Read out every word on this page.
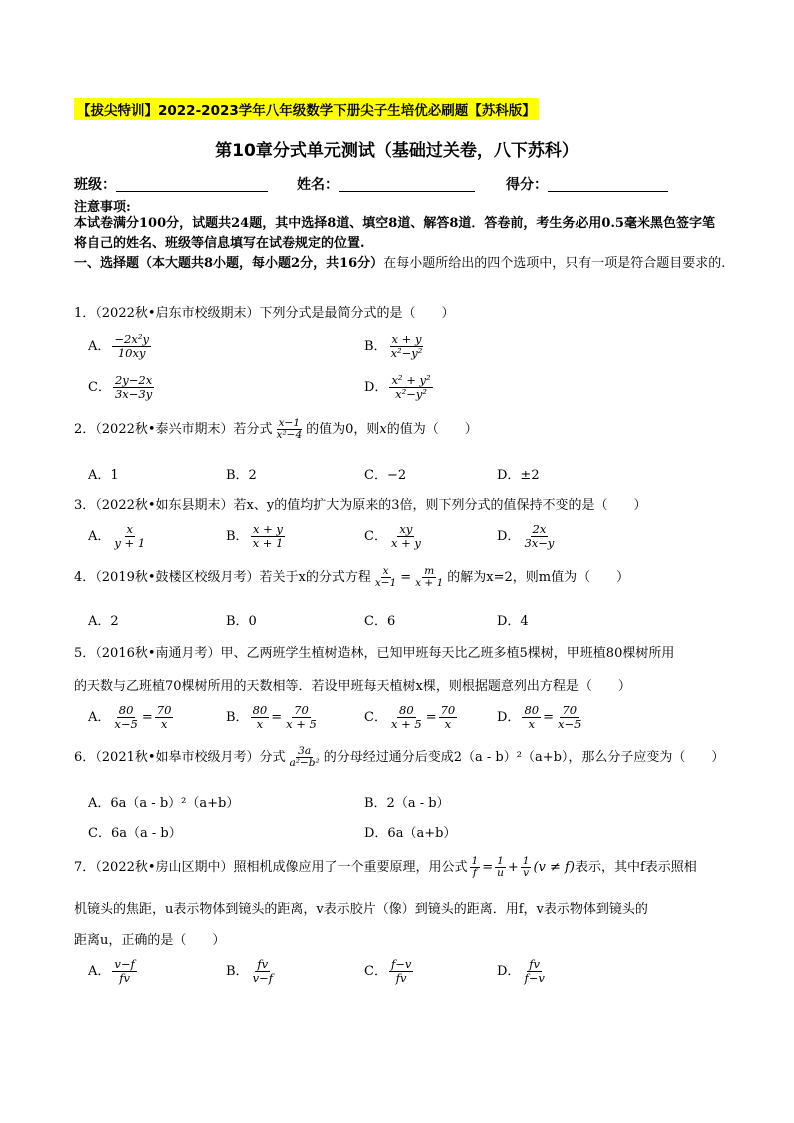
【拔尖特训】2022-2023学年八年级数学下册尖子生培优必刷题【苏科版】
第10章分式单元测试（基础过关卷，八下苏科）
班级：	姓名：	得分：
注意事项:
本试卷满分100分，试题共24题，其中选择8道、填空8道、解答8道．答卷前，考生务必用0.5毫米黑色签字笔将自己的姓名、班级等信息填写在试卷规定的位置.
一、选择题（本大题共8小题，每小题2分，共16分）在每小题所给出的四个选项中，只有一项是符合题目要求的.
1．（2022秋•启东市校级期末）下列分式是最简分式的是（　　）
A． $\frac{\text{−2x²y}}{10xy}$	B． $\frac{x + y}{\text{x²−y²}}$
C． $\frac{2y-2x}{3x-3y}$	D． $\frac{\text{x² + y²}}{\text{x²−y²}}$
2．（2022秋•泰兴市期末）若分式 $\frac{x-1}{\text{x²−4}}$ 的值为0，则x的值为（　　）
A．1	B．2	C．−2	D．±2
3．（2022秋•如东县期末）若x、y的值均扩大为原来的3倍，则下列分式的值保持不变的是（　　）
A． $\frac{x}{y + 1}$	B． $\frac{x + y}{x + 1}$	C． $\frac{xy}{x + y}$	D． $\frac{2x}{3x-y}$
4．（2019秋•鼓楼区校级月考）若关于x的分式方程 $\frac{x}{x-1} = \frac{m}{x + 1}$ 的解为x=2，则m值为（　　）
A．2	B．0	C．6	D．4
5．（2016秋•南通月考）甲、乙两班学生植树造林，已知甲班每天比乙班多植5棵树，甲班植80棵树所用
的天数与乙班植70棵树所用的天数相等．若设甲班每天植树x棵，则根据题意列出方程是（　　）
A． $\frac{80}{x-5} = \frac{70}{x}$	B． $\frac{80}{x} = \frac{70}{x + 5}$	C． $\frac{80}{x + 5} = \frac{70}{x}$	D． $\frac{80}{x} = \frac{70}{x-5}$
6．（2021秋•如皋市校级月考）分式 $\frac{3a}{\text{a²−b²}}$ 的分母经过通分后变成2（a - b）²（a+b），那么分子应变为（　　）
A．6a（a - b）²（a+b）	B．2（a - b）
C．6a（a - b）	D．6a（a+b）
7．（2022秋•房山区期中）照相机成像应用了一个重要原理，用公式 $\frac{1}{f} = \frac{1}{u} + \frac{1}{v} (v \ne f)$表示，其中f表示照相
机镜头的焦距，u表示物体到镜头的距离，v表示胶片（像）到镜头的距离．用f，v表示物体到镜头的
距离u，正确的是（　　）
A． $\frac{v-f}{fv}$	B． $\frac{fv}{v-f}$	C． $\frac{f-v}{fv}$	D． $\frac{fv}{f-v}$
